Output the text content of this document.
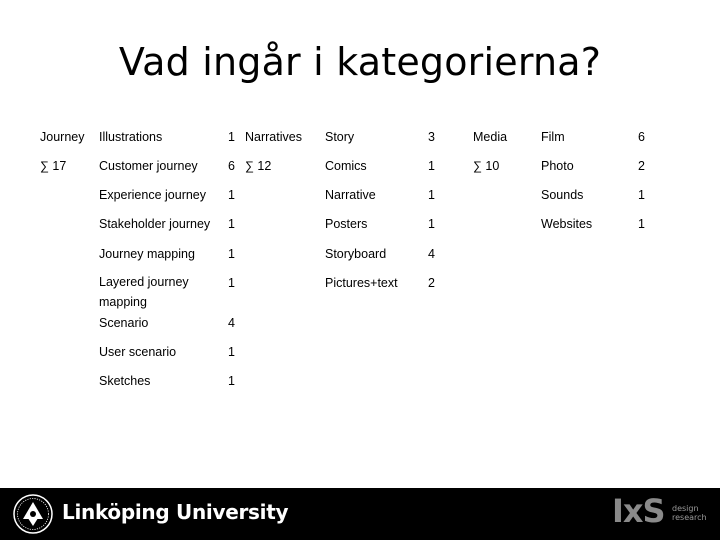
Vad ingår i kategorierna?
Journey
∑ 17
Illustrations	1
Customer journey 6
Experience journey 1
Stakeholder journey 1
Journey mapping	1
Layered journey mapping
1
Scenario	4
User scenario	1
Sketches	1
Narratives
∑ 12
Story	3
Comics	1
Narrative	1
Posters	1
Storyboard	4
Pictures+text 2
Media
∑ 10
Film	6
Photo	2
Sounds	1
Websites	1
Linköping University	IxS design
research
